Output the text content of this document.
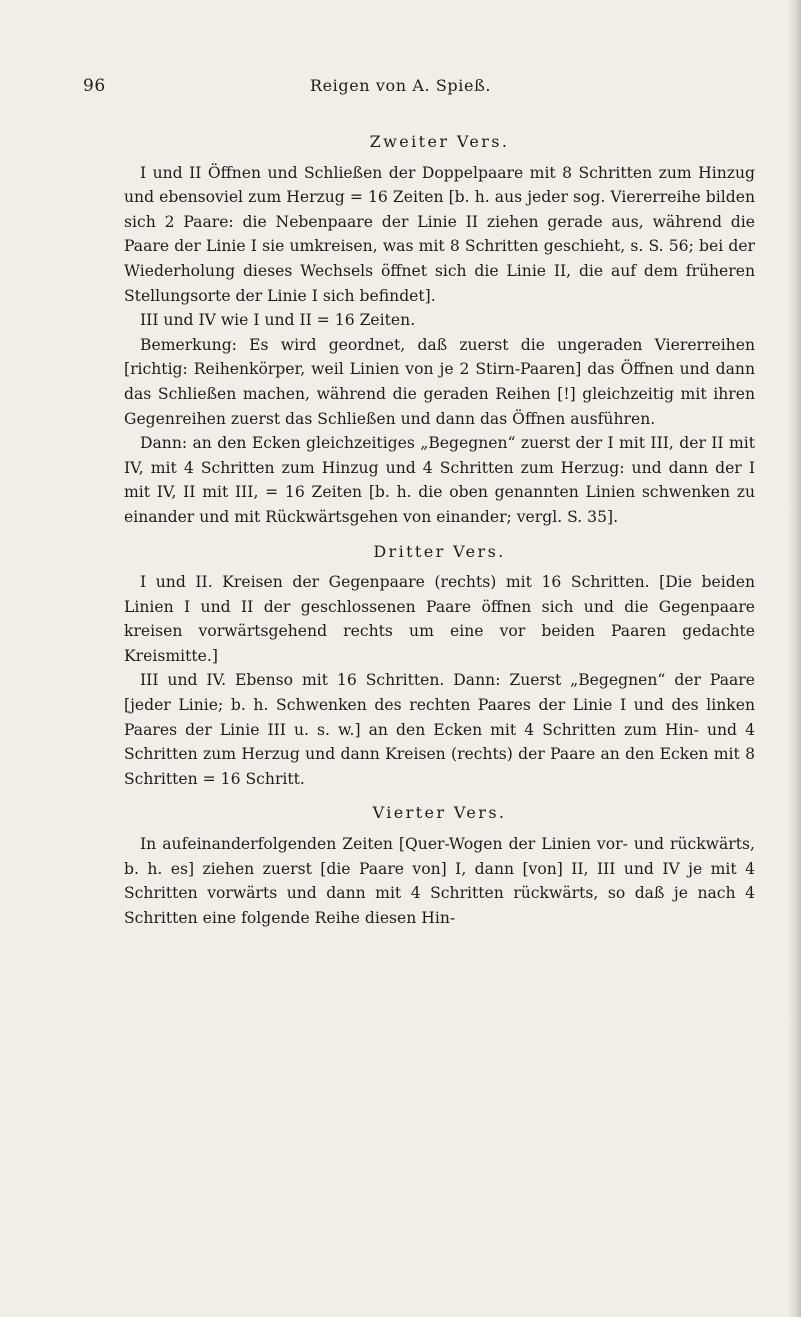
96	Reigen von A. Spieß.
Zweiter Vers.

I und II Öffnen und Schließen der Doppelpaare mit 8 Schritten zum Hinzug und ebensoviel zum Herzug = 16 Zeiten [b. h. aus jeder sog. Viererreihe bilden sich 2 Paare: die Nebenpaare der Linie II ziehen gerade aus, während die Paare der Linie I sie umkreisen, was mit 8 Schritten geschieht, s. S. 56; bei der Wiederholung dieses Wechsels öffnet sich die Linie II, die auf dem früheren Stellungsorte der Linie I sich befindet].

III und IV wie I und II = 16 Zeiten.

Bemerkung: Es wird geordnet, daß zuerst die ungeraden Viererreihen [richtig: Reihenkörper, weil Linien von je 2 Stirn-Paaren] das Öffnen und dann das Schließen machen, während die geraden Reihen [!] gleichzeitig mit ihren Gegenreihen zuerst das Schließen und dann das Öffnen ausführen.

Dann: an den Ecken gleichzeitiges „Begegnen“ zuerst der I mit III, der II mit IV, mit 4 Schritten zum Hinzug und 4 Schritten zum Herzug: und dann der I mit IV, II mit III, = 16 Zeiten [b. h. die oben genannten Linien schwenken zu einander und mit Rückwärtsgehen von einander; vergl. S. 35].

Dritter Vers.

I und II. Kreisen der Gegenpaare (rechts) mit 16 Schritten. [Die beiden Linien I und II der geschlossenen Paare öffnen sich und die Gegenpaare kreisen vorwärtsgehend rechts um eine vor beiden Paaren gedachte Kreismitte.]

III und IV. Ebenso mit 16 Schritten. Dann: Zuerst „Begegnen“ der Paare [jeder Linie; b. h. Schwenken des rechten Paares der Linie I und des linken Paares der Linie III u. s. w.] an den Ecken mit 4 Schritten zum Hin- und 4 Schritten zum Herzug und dann Kreisen (rechts) der Paare an den Ecken mit 8 Schritten = 16 Schritt.

Vierter Vers.

In aufeinanderfolgenden Zeiten [Quer-Wogen der Linien vor- und rückwärts, b. h. es] ziehen zuerst [die Paare von] I, dann [von] II, III und IV je mit 4 Schritten vorwärts und dann mit 4 Schritten rückwärts, so daß je nach 4 Schritten eine folgende Reihe diesen Hin-
